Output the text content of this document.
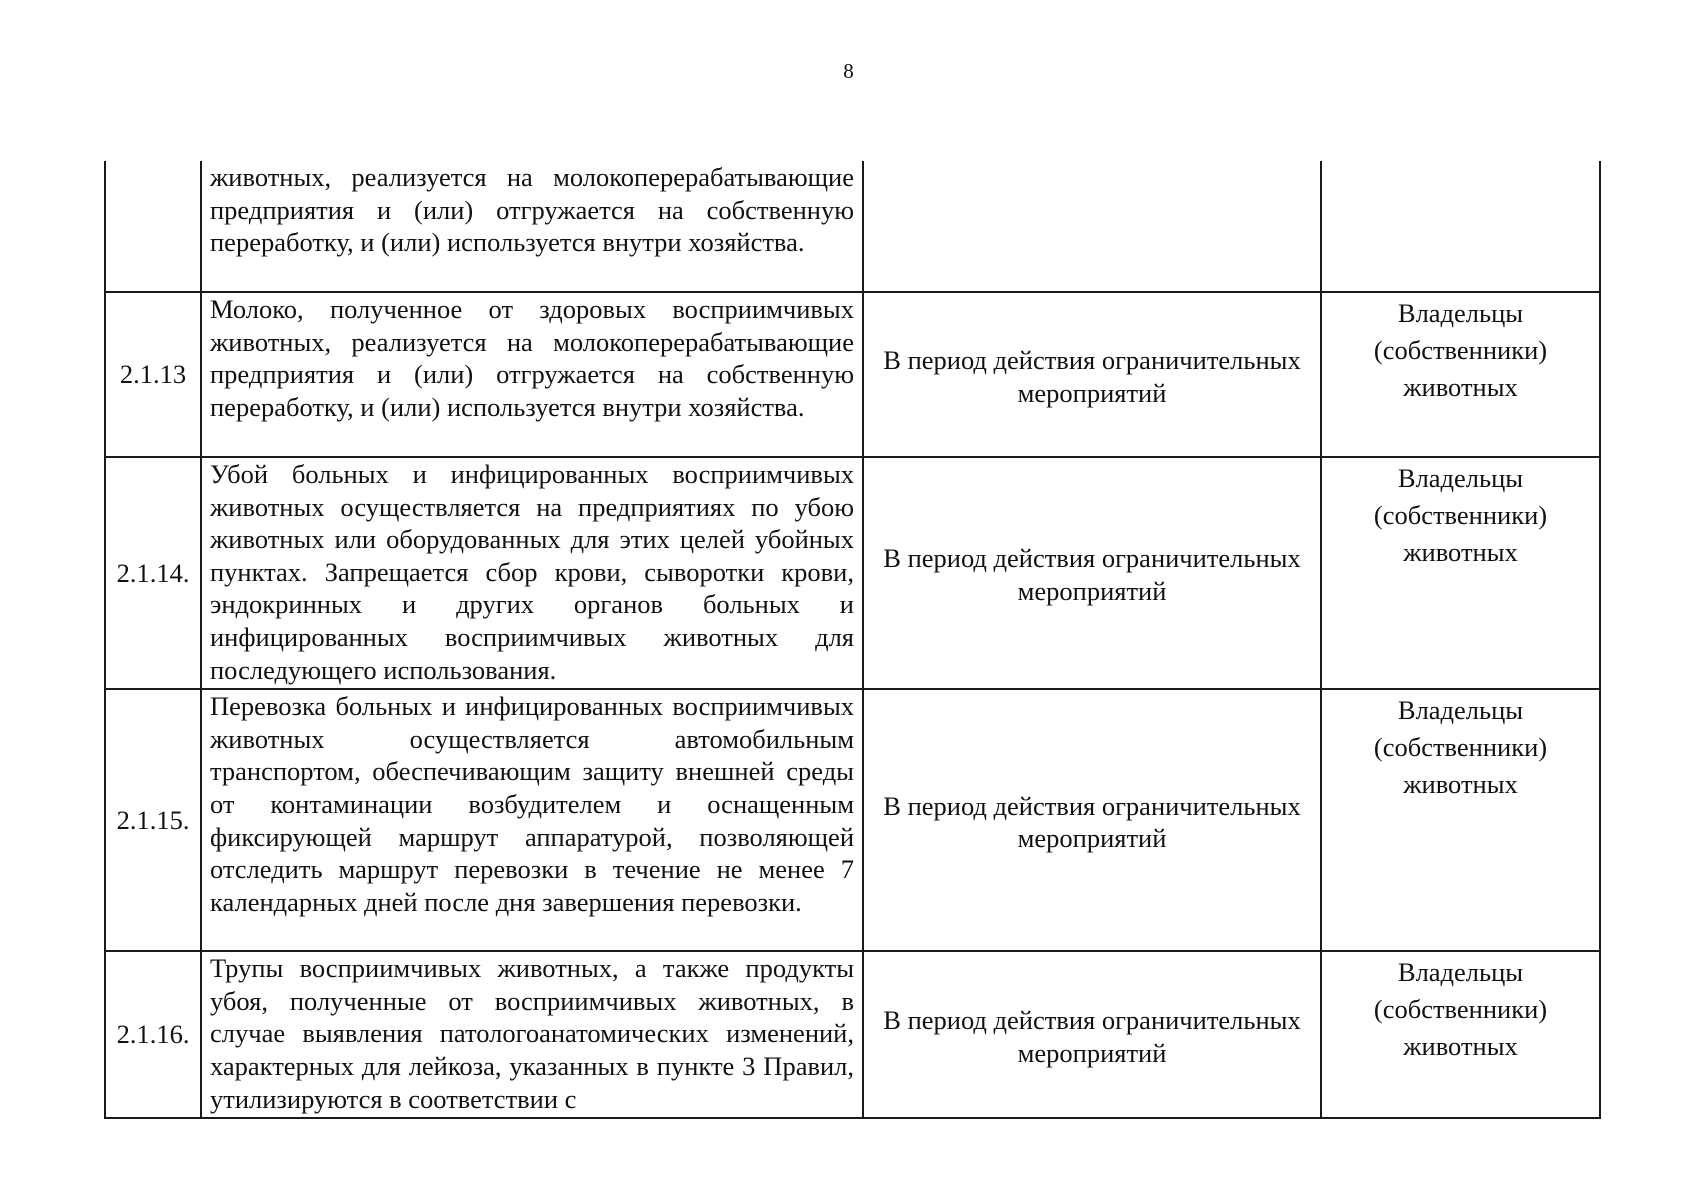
8

	животных, реализуется на молокоперерабатывающие предприятия и (или) отгружается на собственную переработку, и (или) используется внутри хозяйства.		

2.1.13	Молоко, полученное от здоровых восприимчивых животных, реализуется на молокоперерабатывающие предприятия и (или) отгружается на собственную переработку, и (или) используется внутри хозяйства.	В период действия ограничительных мероприятий	Владельцы (собственники) животных

2.1.14.	Убой больных и инфицированных восприимчивых животных осуществляется на предприятиях по убою животных или оборудованных для этих целей убойных пунктах. Запрещается сбор крови, сыворотки крови, эндокринных и других органов больных и инфицированных восприимчивых животных для последующего использования.	В период действия ограничительных мероприятий	Владельцы (собственники) животных

2.1.15.	Перевозка больных и инфицированных восприимчивых животных осуществляется автомобильным транспортом, обеспечивающим защиту внешней среды от контаминации возбудителем и оснащенным фиксирующей маршрут аппаратурой, позволяющей отследить маршрут перевозки в течение не менее 7 календарных дней после дня завершения перевозки.	В период действия ограничительных мероприятий	Владельцы (собственники) животных

2.1.16.	Трупы восприимчивых животных, а также продукты убоя, полученные от восприимчивых животных, в случае выявления патологоанатомических изменений, характерных для лейкоза, указанных в пункте 3 Правил, утилизируются в соответствии с	В период действия ограничительных мероприятий	Владельцы (собственники) животных
